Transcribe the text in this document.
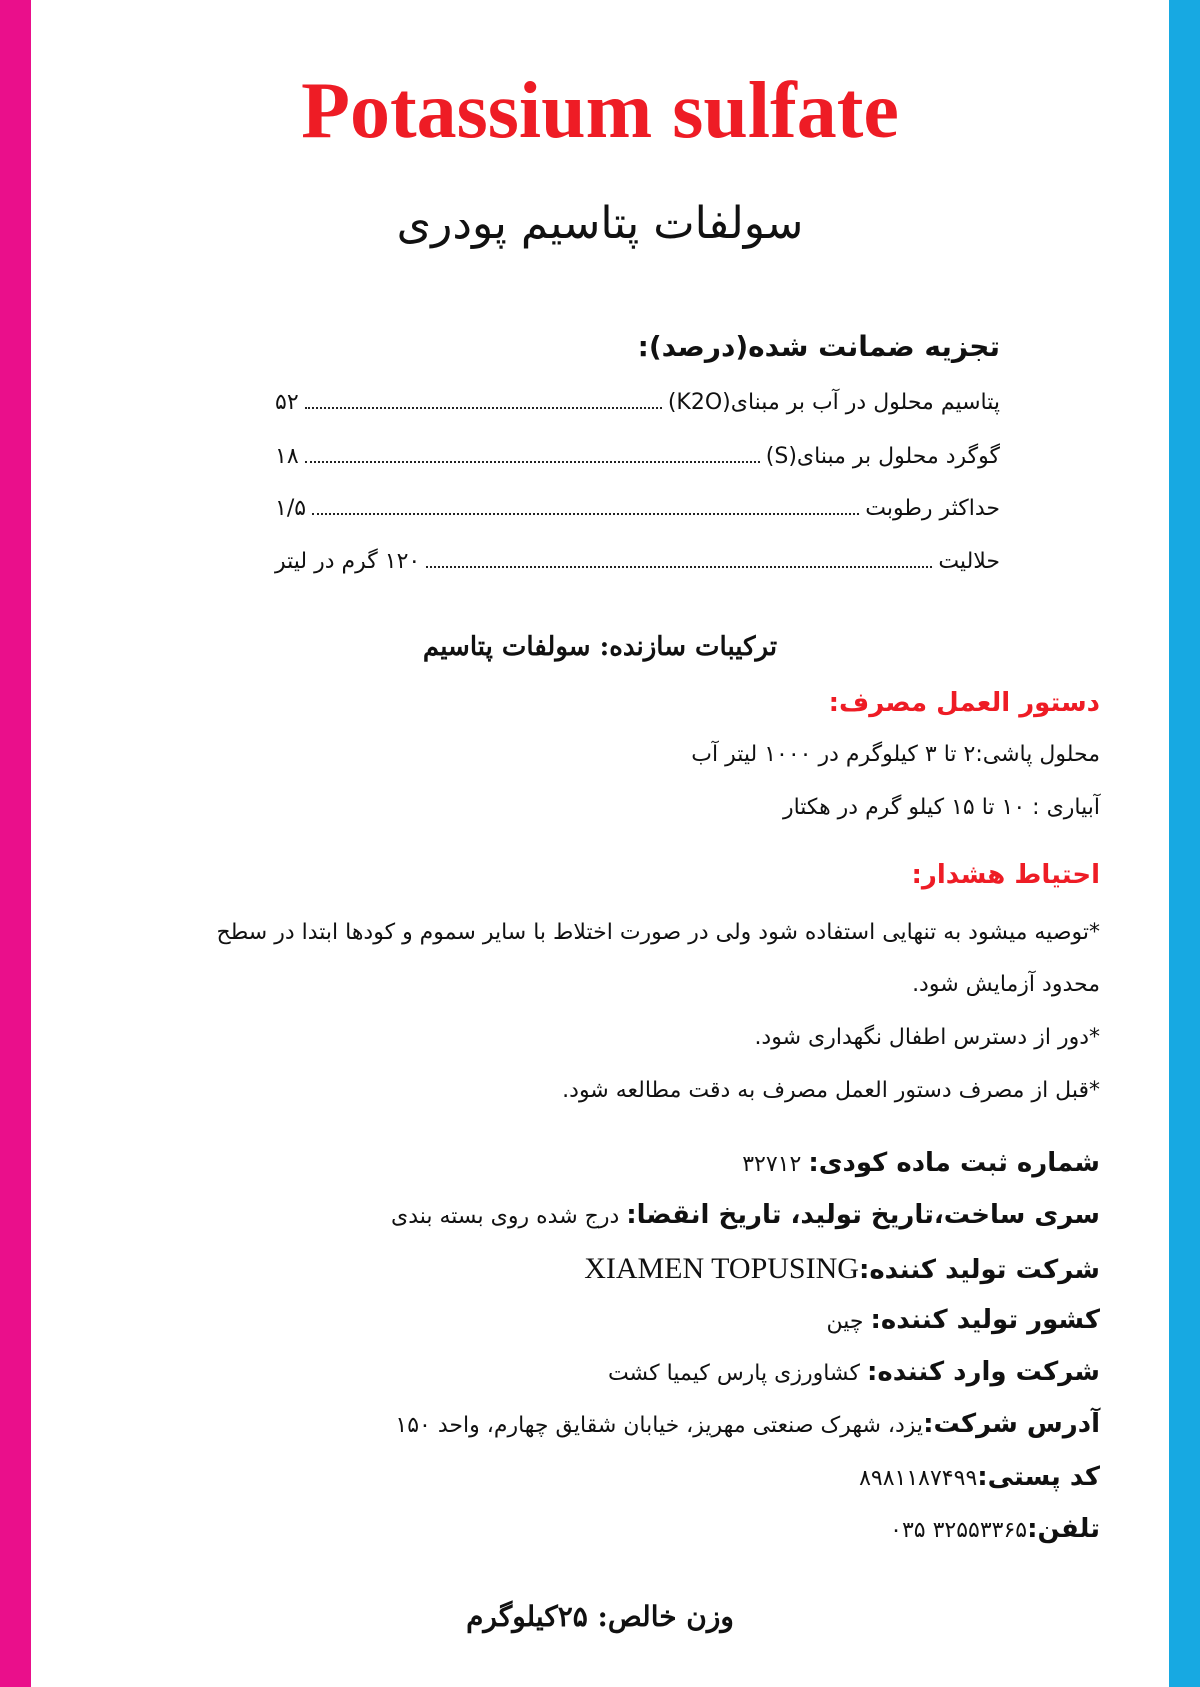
Potassium sulfate
سولفات پتاسیم پودری
تجزیه ضمانت شده(درصد):
۵۲	پتاسیم محلول در آب بر مبنای(K2O)
۱۸	گوگرد محلول بر مبنای(S)
۱/۵	حداکثر رطوبت
۱۲۰ گرم در لیتر	حلالیت
ترکیبات سازنده: سولفات پتاسیم
دستور العمل مصرف:
محلول پاشی:۲ تا ۳ کیلوگرم در ۱۰۰۰ لیتر آب
آبیاری : ۱۰ تا ۱۵ کیلو گرم در هکتار
احتیاط هشدار:
*توصیه میشود به تنهایی استفاده شود ولی در صورت اختلاط با سایر سموم و کودها ابتدا در سطح
محدود آزمایش شود.
*دور از دسترس اطفال نگهداری شود.
*قبل از مصرف دستور العمل مصرف به دقت مطالعه شود.
شماره ثبت ماده کودی: ۳۲۷۱۲
سری ساخت،تاریخ تولید، تاریخ انقضا: درج شده روی بسته بندی
شرکت تولید کننده:XIAMEN TOPUSING
کشور تولید کننده: چین
شرکت وارد کننده: کشاورزی پارس کیمیا کشت
آدرس شرکت:یزد، شهرک صنعتی مهریز، خیابان شقایق چهارم، واحد ۱۵۰
کد پستی:۸۹۸۱۱۸۷۴۹۹
تلفن:۳۲۵۵۳۳۶۵ ۰۳۵
وزن خالص: ۲۵کیلوگرم
